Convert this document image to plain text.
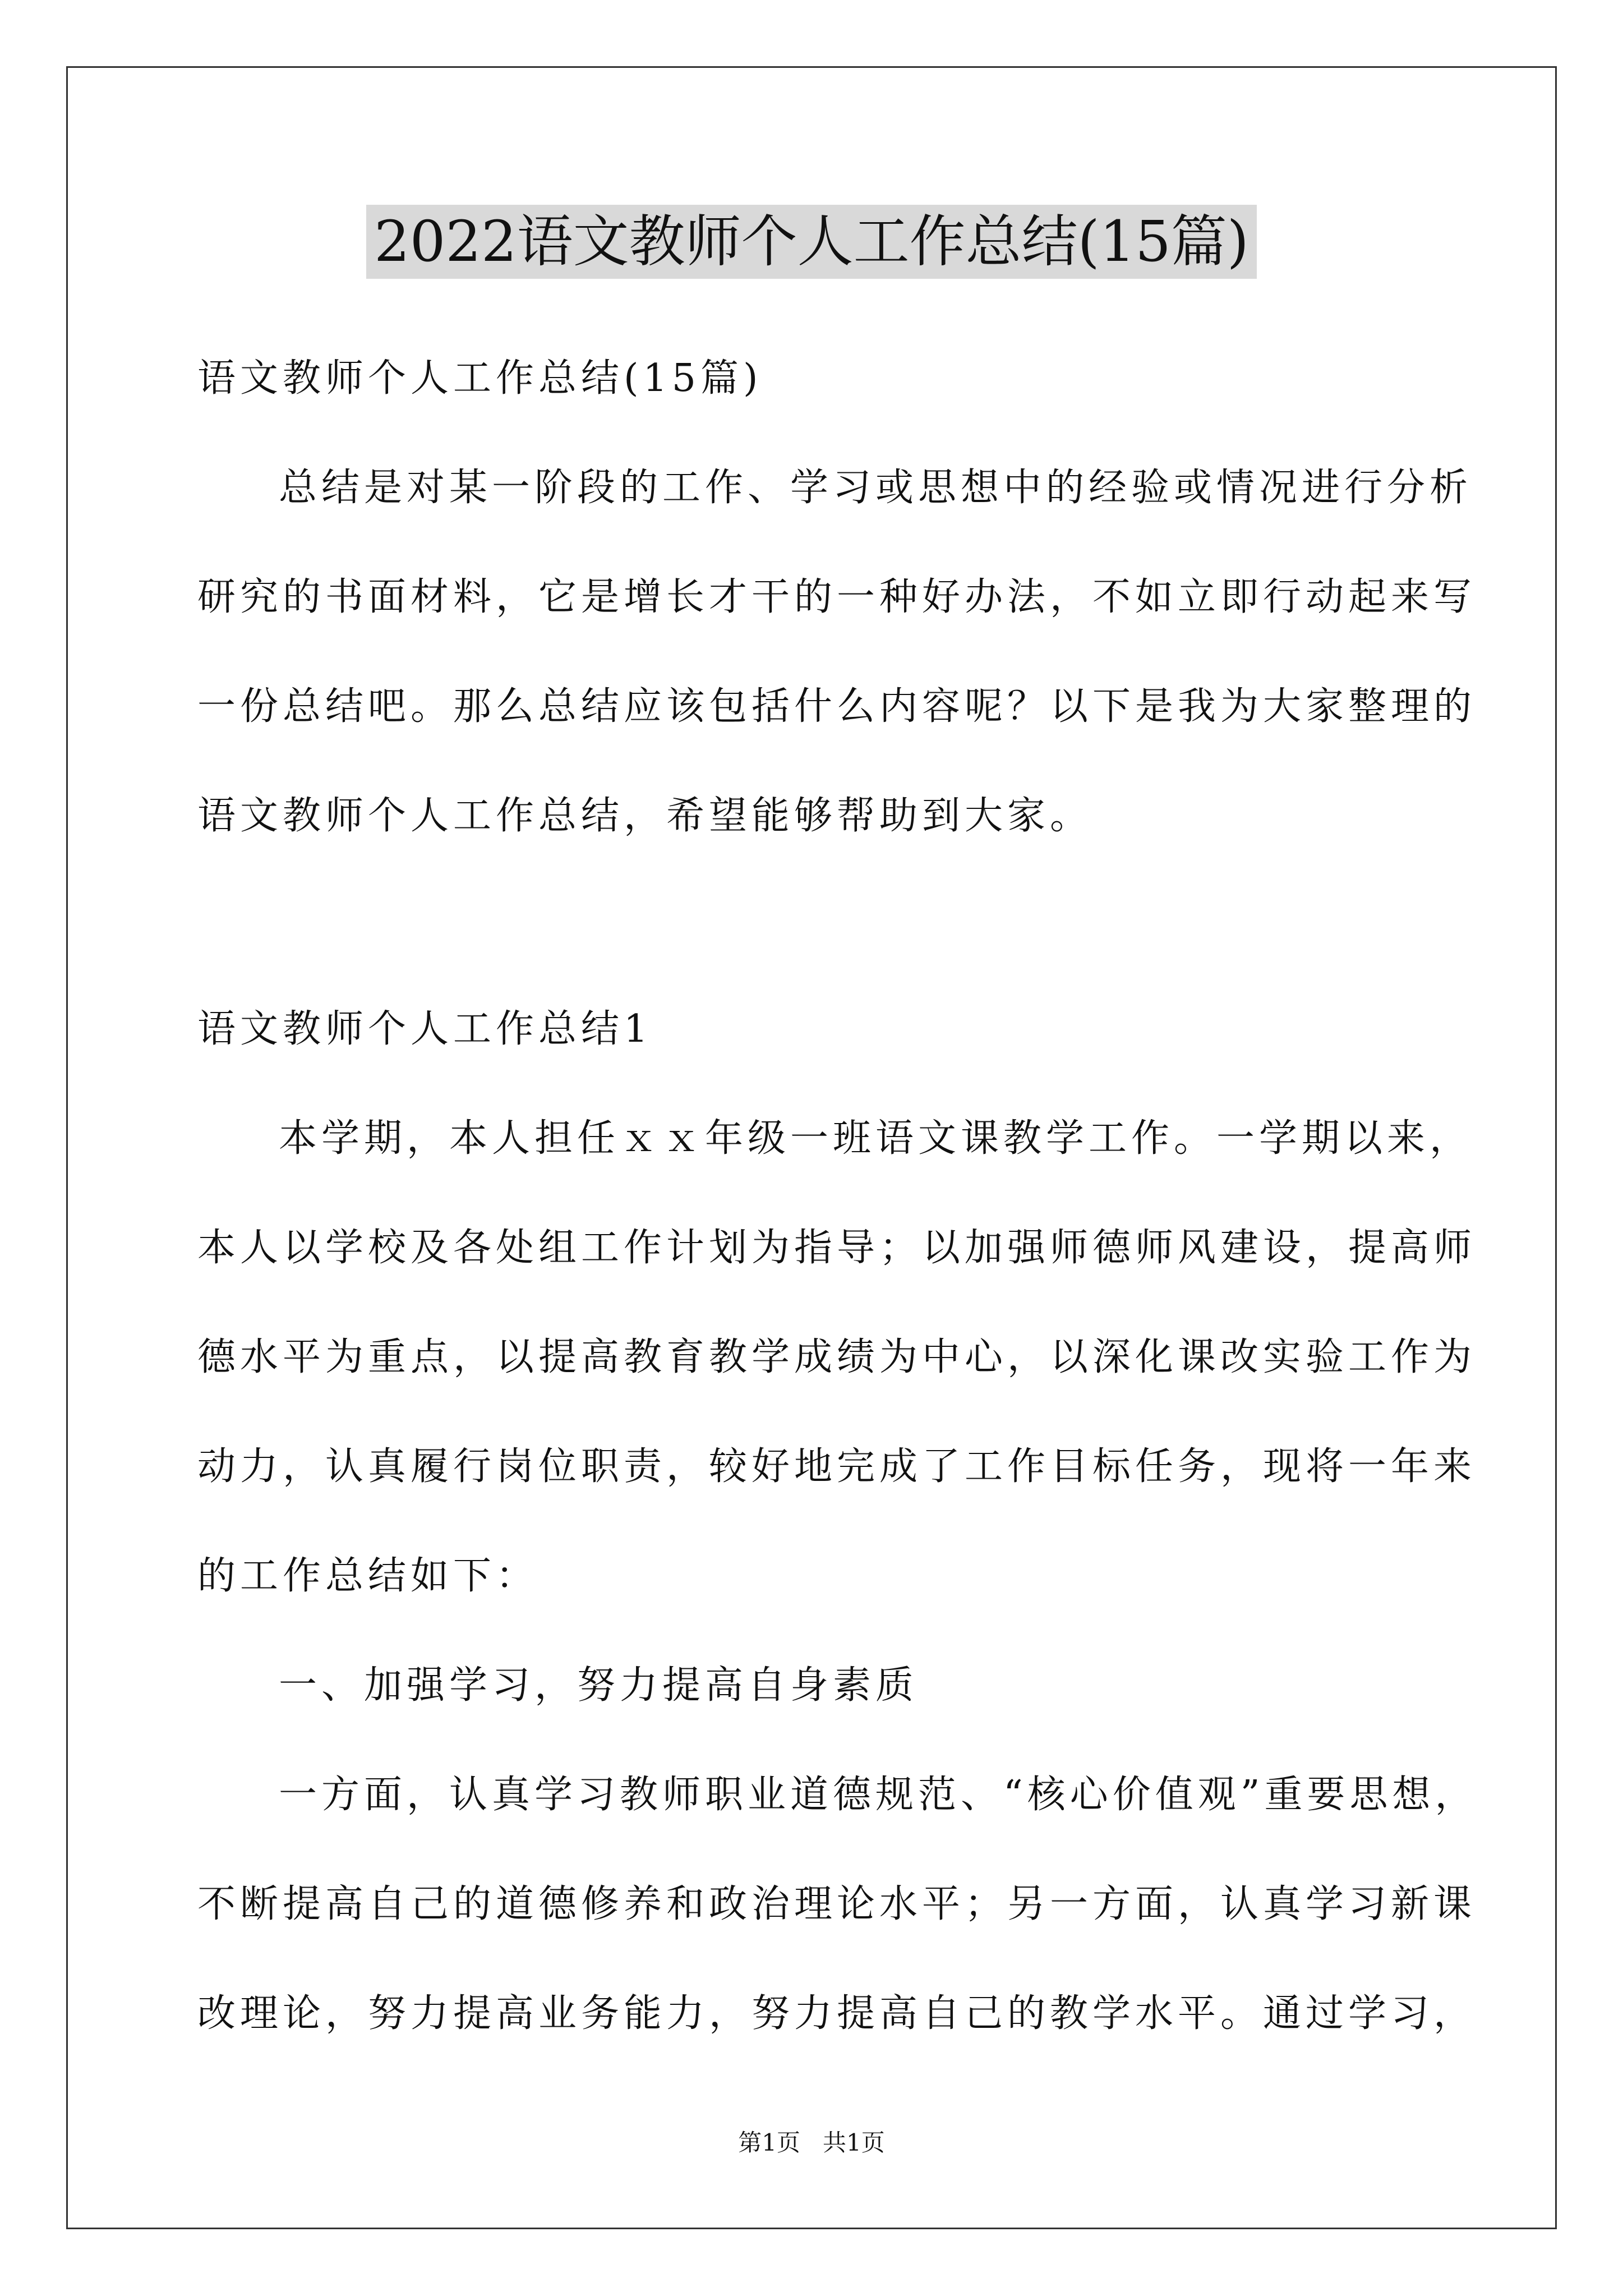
2022语文教师个人工作总结(15篇)
语文教师个人工作总结(15篇)
总结是对某一阶段的工作、学习或思想中的经验或情况进行分析
研究的书面材料，它是增长才干的一种好办法，不如立即行动起来写
一份总结吧。那么总结应该包括什么内容呢？以下是我为大家整理的
语文教师个人工作总结，希望能够帮助到大家。
语文教师个人工作总结1
本学期，本人担任ｘｘ年级一班语文课教学工作。一学期以来，
本人以学校及各处组工作计划为指导；以加强师德师风建设，提高师
德水平为重点，以提高教育教学成绩为中心，以深化课改实验工作为
动力，认真履行岗位职责，较好地完成了工作目标任务，现将一年来
的工作总结如下：
一、加强学习，努力提高自身素质
一方面，认真学习教师职业道德规范、“核心价值观”重要思想，
不断提高自己的道德修养和政治理论水平；另一方面，认真学习新课
改理论，努力提高业务能力，努力提高自己的教学水平。通过学习，
第1页   共1页
